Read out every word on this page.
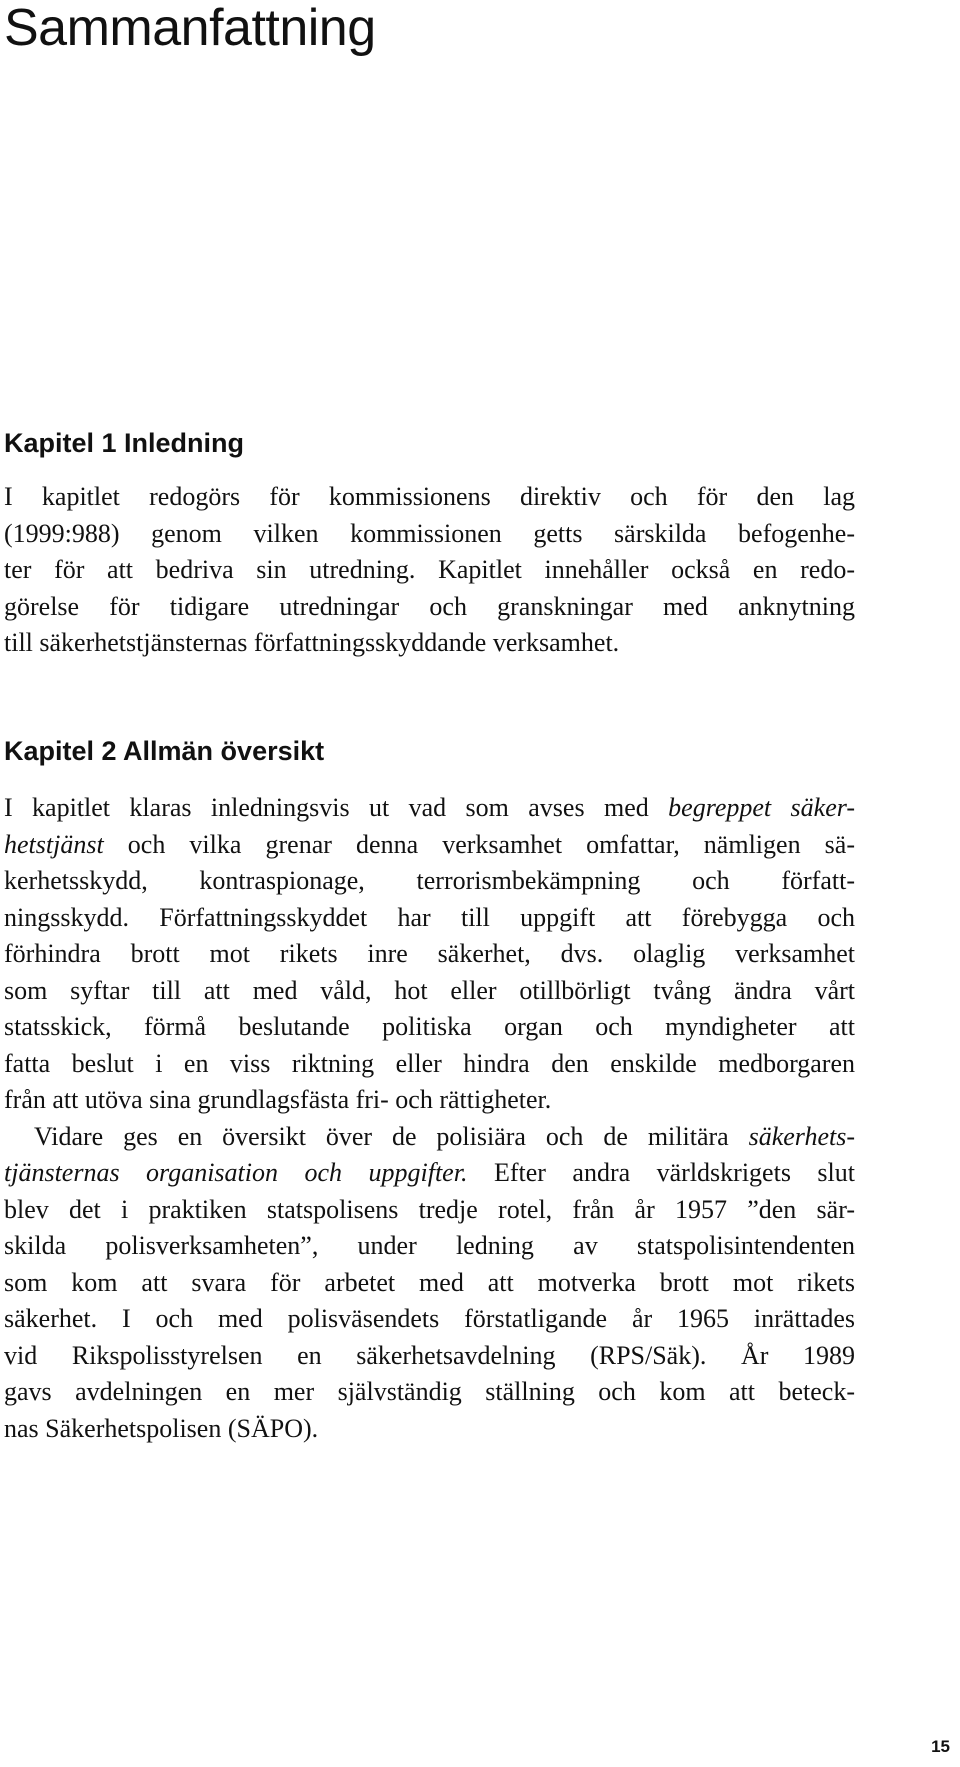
Sammanfattning
Kapitel 1 Inledning
I kapitlet redogörs för kommissionens direktiv och för den lag
(1999:988) genom vilken kommissionen getts särskilda befogenhe-
ter för att bedriva sin utredning. Kapitlet innehåller också en redo-
görelse för tidigare utredningar och granskningar med anknytning
till säkerhetstjänsternas författningsskyddande verksamhet.
Kapitel 2 Allmän översikt
I kapitlet klaras inledningsvis ut vad som avses med begreppet säker-
hetstjänst och vilka grenar denna verksamhet omfattar, nämligen sä-
kerhetsskydd, kontraspionage, terrorismbekämpning och författ-
ningsskydd. Författningsskyddet har till uppgift att förebygga och
förhindra brott mot rikets inre säkerhet, dvs. olaglig verksamhet
som syftar till att med våld, hot eller otillbörligt tvång ändra vårt
statsskick, förmå beslutande politiska organ och myndigheter att
fatta beslut i en viss riktning eller hindra den enskilde medborgaren
från att utöva sina grundlagsfästa fri- och rättigheter.
Vidare ges en översikt över de polisiära och de militära säkerhets-
tjänsternas organisation och uppgifter. Efter andra världskrigets slut
blev det i praktiken statspolisens tredje rotel, från år 1957 ”den sär-
skilda polisverksamheten”, under ledning av statspolisintendenten
som kom att svara för arbetet med att motverka brott mot rikets
säkerhet. I och med polisväsendets förstatligande år 1965 inrättades
vid Rikspolisstyrelsen en säkerhetsavdelning (RPS/Säk). År 1989
gavs avdelningen en mer självständig ställning och kom att beteck-
nas Säkerhetspolisen (SÄPO).
15
